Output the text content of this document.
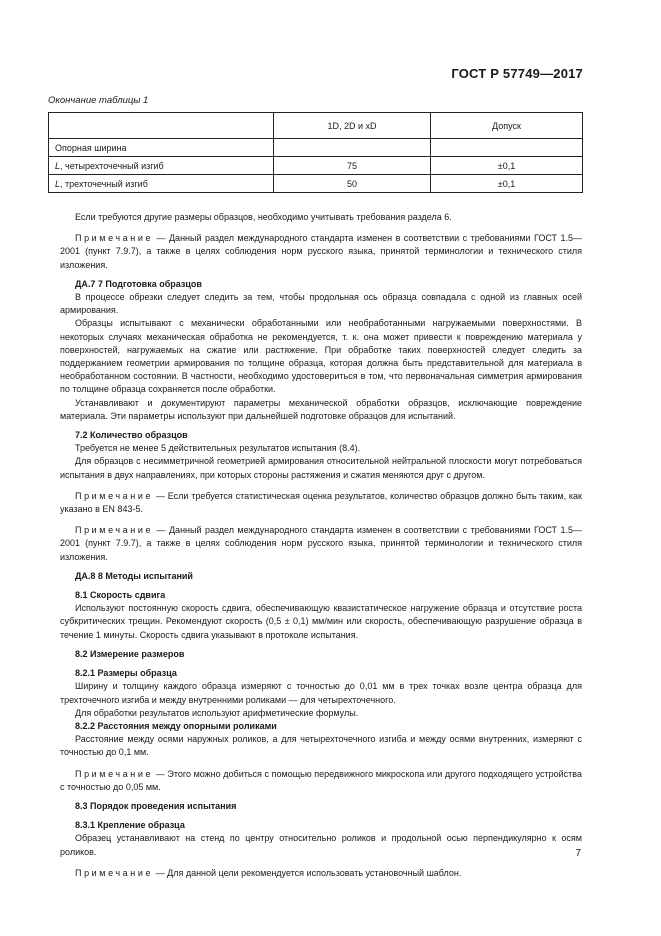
ГОСТ Р 57749—2017
Окончание таблицы 1
	1D, 2D и xD	Допуск
Опорная ширина		
L, четырехточечный изгиб	75	±0,1
L, трехточечный изгиб	50	±0,1

Если требуются другие размеры образцов, необходимо учитывать требования раздела 6.

Примечание — Данный раздел международного стандарта изменен в соответствии с требованиями ГОСТ 1.5—2001 (пункт 7.9.7), а также в целях соблюдения норм русского языка, принятой терминологии и технического стиля изложения.

ДА.7 7 Подготовка образцов

В процессе обрезки следует следить за тем, чтобы продольная ось образца совпадала с одной из главных осей армирования.

Образцы испытывают с механически обработанными или необработанными нагружаемыми поверхностями. В некоторых случаях механическая обработка не рекомендуется, т. к. она может привести к повреждению материала у поверхностей, нагружаемых на сжатие или растяжение. При обработке таких поверхностей следует следить за поддержанием геометрии армирования по толщине образца, которая должна быть представительной для материала в необработанном состоянии. В частности, необходимо удостовериться в том, что первоначальная симметрия армирования по толщине образца сохраняется после обработки.

Устанавливают и документируют параметры механической обработки образцов, исключающие повреждение материала. Эти параметры используют при дальнейшей подготовке образцов для испытаний.

7.2 Количество образцов

Требуется не менее 5 действительных результатов испытания (8.4).

Для образцов с несимметричной геометрией армирования относительной нейтральной плоскости могут потребоваться испытания в двух направлениях, при которых стороны растяжения и сжатия меняются друг с другом.

Примечание — Если требуется статистическая оценка результатов, количество образцов должно быть таким, как указано в EN 843-5.

Примечание — Данный раздел международного стандарта изменен в соответствии с требованиями ГОСТ 1.5—2001 (пункт 7.9.7), а также в целях соблюдения норм русского языка, принятой терминологии и технического стиля изложения.

ДА.8 8 Методы испытаний
8.1 Скорость сдвига

Используют постоянную скорость сдвига, обеспечивающую квазистатическое нагружение образца и отсутствие роста субкритических трещин. Рекомендуют скорость (0,5 ± 0,1) мм/мин или скорость, обеспечивающую разрушение образца в течение 1 минуты. Скорость сдвига указывают в протоколе испытания.

8.2 Измерение размеров
8.2.1 Размеры образца

Ширину и толщину каждого образца измеряют с точностью до 0,01 мм в трех точках возле центра образца для трехточечного изгиба и между внутренними роликами — для четырехточечного.

Для обработки результатов используют арифметические формулы.

8.2.2 Расстояния между опорными роликами

Расстояние между осями наружных роликов, а для четырехточечного изгиба и между осями внутренних, измеряют с точностью до 0,1 мм.

Примечание — Этого можно добиться с помощью передвижного микроскопа или другого подходящего устройства с точностью до 0,05 мм.

8.3 Порядок проведения испытания
8.3.1 Крепление образца

Образец устанавливают на стенд по центру относительно роликов и продольной осью перпендикулярно к осям роликов.

Примечание — Для данной цели рекомендуется использовать установочный шаблон.

7
